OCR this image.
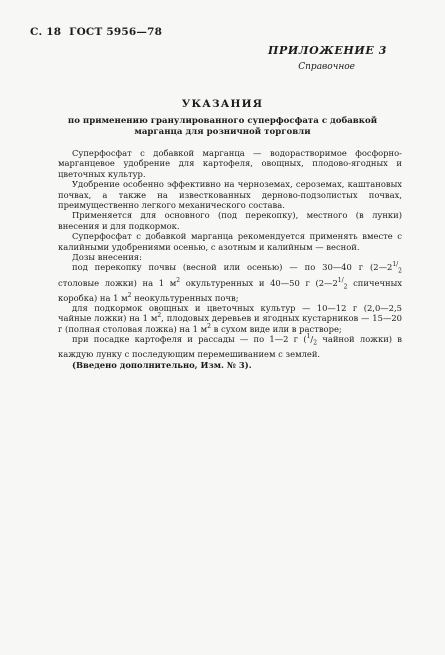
С. 18 ГОСТ 5956—78
ПРИЛОЖЕНИЕ 3
Справочное
УКАЗАНИЯ
по применению гранулированного суперфосфата с добавкой марганца для розничной торговли

Суперфосфат с добавкой марганца — водорастворимое фосфорно-марганцевое удобрение для картофеля, овощных, плодово-ягодных и цветочных культур.

Удобрение особенно эффективно на черноземах, сероземах, каштановых почвах, а также на известкованных дерново-подзолистых почвах, преимущественно легкого механического состава.

Применяется для основного (под перекопку), местного (в лунки) внесения и для подкормок.

Суперфосфат с добавкой марганца рекомендуется применять вместе с калийными удобрениями осенью, с азотным и калийным — весной.

Дозы внесения:

под перекопку почвы (весной или осенью) — по 30—40 г ($2—2^{1/}_2$ столовые ложки) на 1 $м^2$ окультуренных и 40—50 г ($2—2^{1/}_2$ спичечных коробка) на 1 $м^2$ неокультуренных почв;

для подкормок овощных и цветочных культур — 10—12 г (2,0—2,5 чайные ложки) на 1 $м^2$, плодовых деревьев и ягодных кустарников — 15—20 г (полная столовая ложка) на 1 $м^2$ в сухом виде или в растворе;

при посадке картофеля и рассады — по 1—2 г ($^1/_2$ чайной ложки) в каждую лунку с последующим перемешиванием с землей.

(Введено дополнительно, Изм. № 3).
